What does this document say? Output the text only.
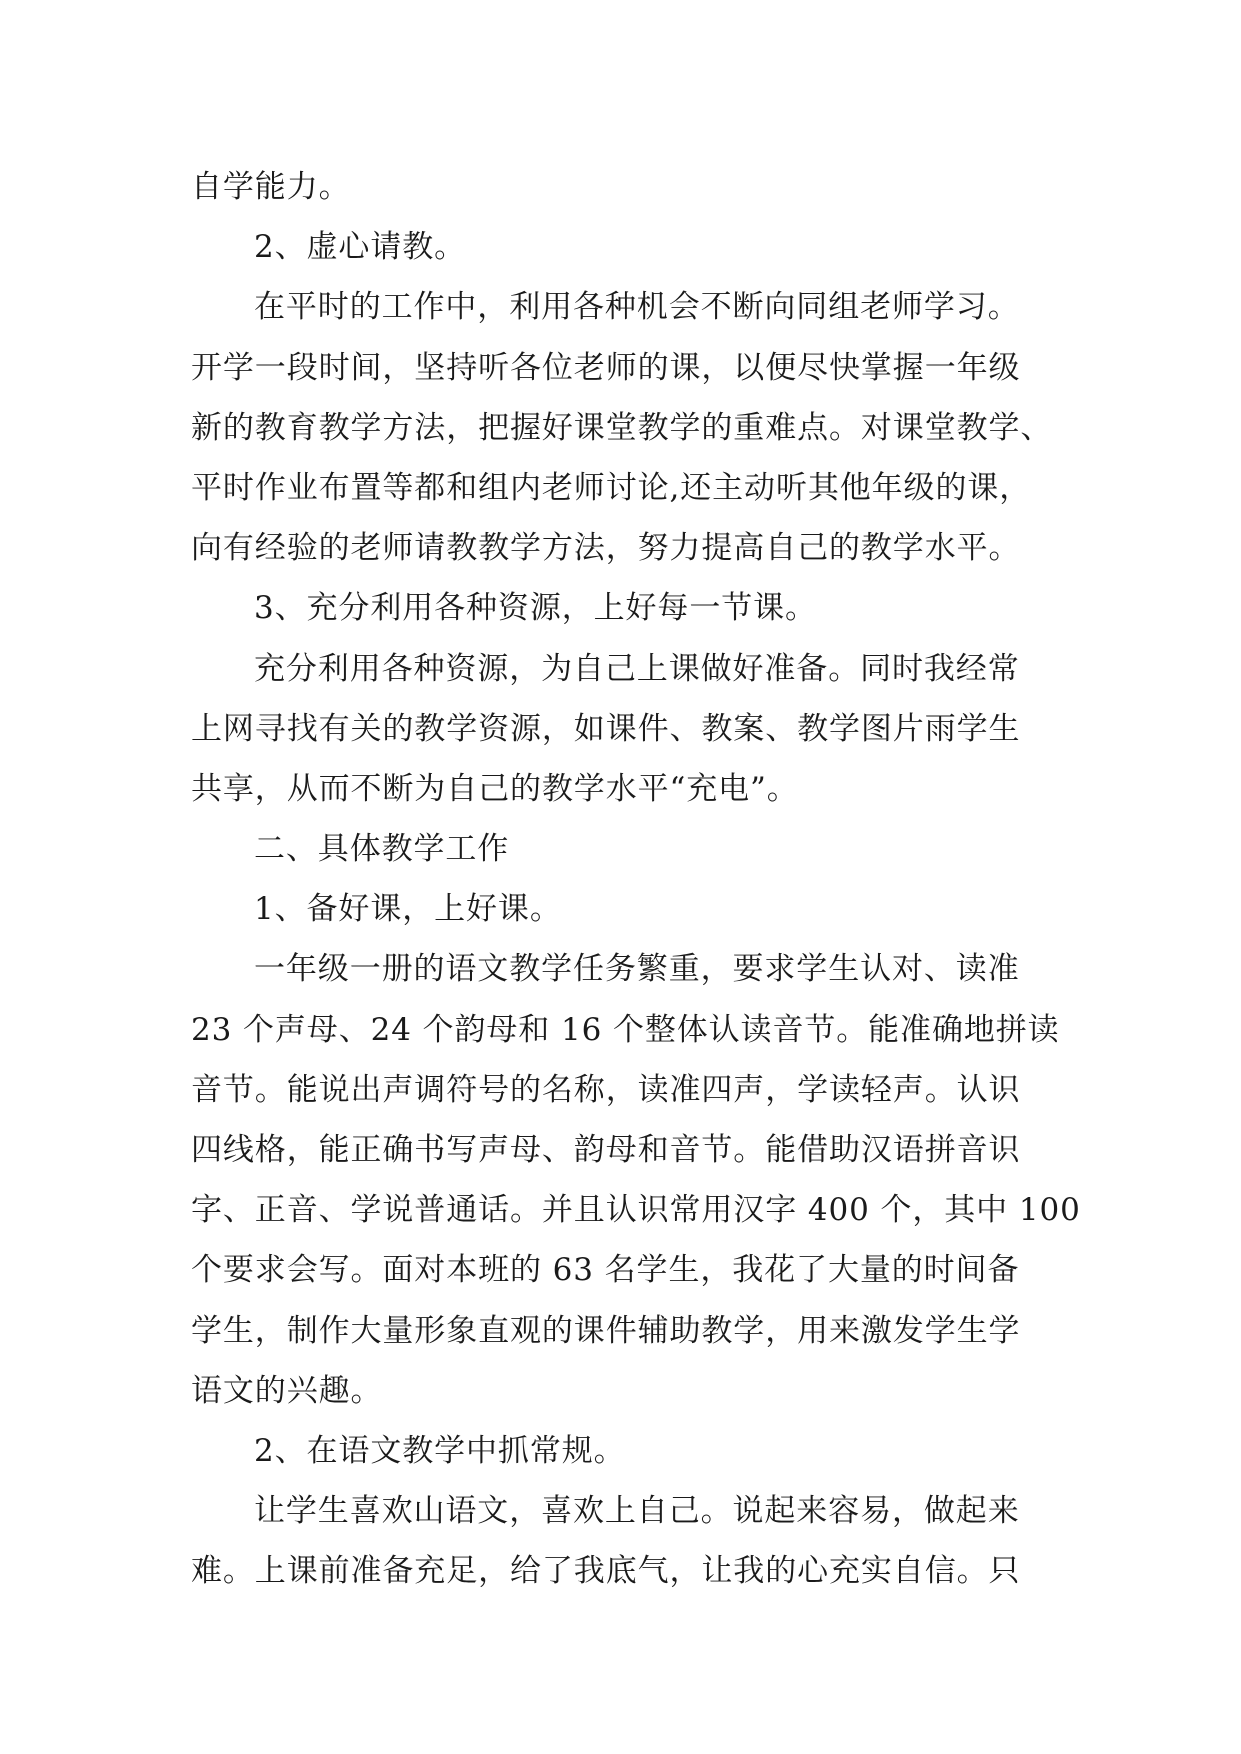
自学能力。
2、虚心请教。
在平时的工作中，利用各种机会不断向同组老师学习。
开学一段时间，坚持听各位老师的课，以便尽快掌握一年级
新的教育教学方法，把握好课堂教学的重难点。对课堂教学、
平时作业布置等都和组内老师讨论,还主动听其他年级的课，
向有经验的老师请教教学方法，努力提高自己的教学水平。
3、充分利用各种资源，上好每一节课。
充分利用各种资源，为自己上课做好准备。同时我经常
上网寻找有关的教学资源，如课件、教案、教学图片雨学生
共享，从而不断为自己的教学水平“充电”。
二、具体教学工作
1、备好课，上好课。
一年级一册的语文教学任务繁重，要求学生认对、读准
23 个声母、24 个韵母和 16 个整体认读音节。能准确地拼读
音节。能说出声调符号的名称，读准四声，学读轻声。认识
四线格，能正确书写声母、韵母和音节。能借助汉语拼音识
字、正音、学说普通话。并且认识常用汉字 400 个，其中 100
个要求会写。面对本班的 63 名学生，我花了大量的时间备
学生，制作大量形象直观的课件辅助教学，用来激发学生学
语文的兴趣。
2、在语文教学中抓常规。
让学生喜欢山语文，喜欢上自己。说起来容易，做起来
难。上课前准备充足，给了我底气，让我的心充实自信。只
